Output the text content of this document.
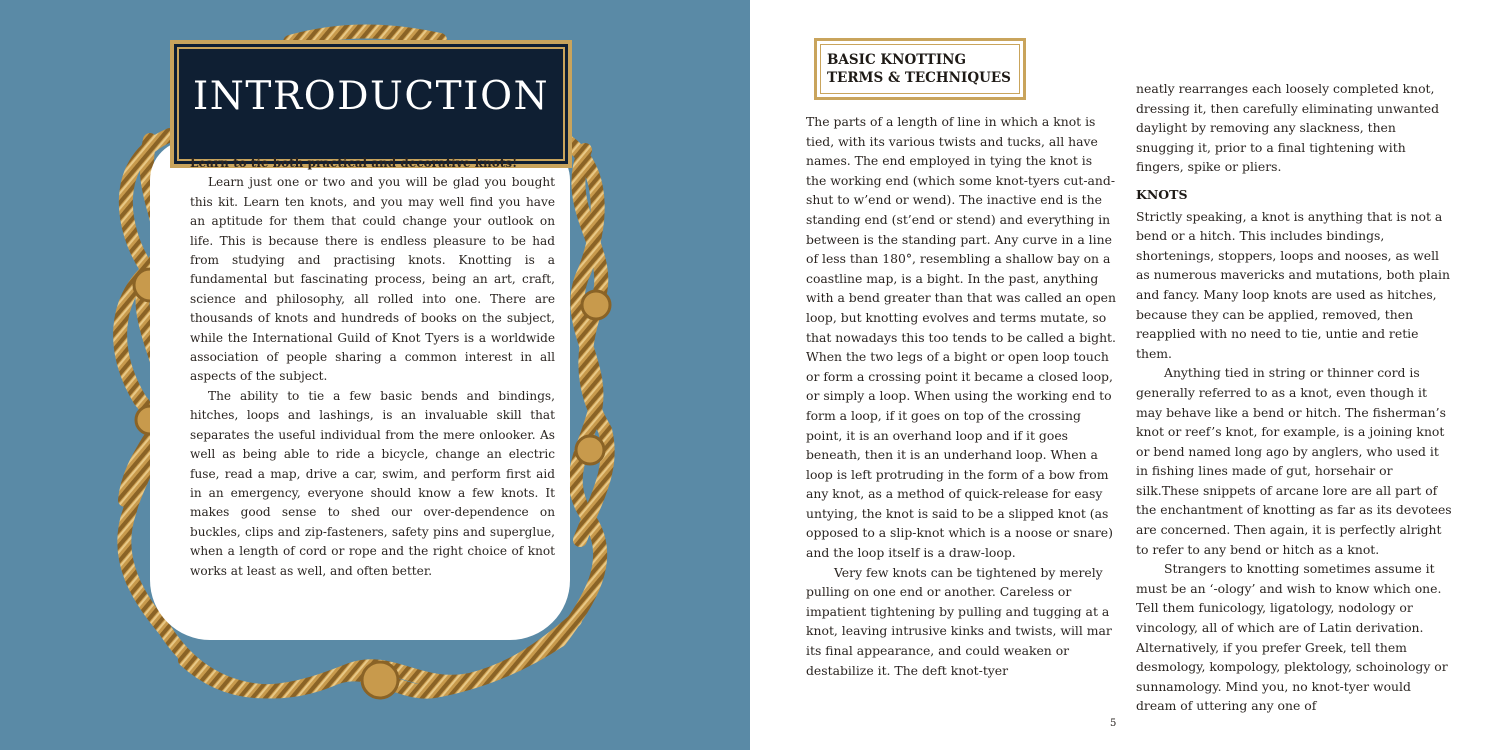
INTRODUCTION

Learn to tie both practical and decorative knots!

Learn just one or two and you will be glad you bought this kit. Learn ten knots, and you may well find you have an aptitude for them that could change your outlook on life. This is because there is endless pleasure to be had from studying and practising knots. Knotting is a fundamental but fascinating process, being an art, craft, science and philosophy, all rolled into one. There are thousands of knots and hundreds of books on the subject, while the International Guild of Knot Tyers is a worldwide association of people sharing a common interest in all aspects of the subject.

The ability to tie a few basic bends and bindings, hitches, loops and lashings, is an invaluable skill that separates the useful individual from the mere onlooker. As well as being able to ride a bicycle, change an electric fuse, read a map, drive a car, swim, and perform first aid in an emergency, everyone should know a few knots. It makes good sense to shed our over-dependence on buckles, clips and zip-fasteners, safety pins and superglue, when a length of cord or rope and the right choice of knot works at least as well, and often better.

BASIC KNOTTING
TERMS & TECHNIQUES

The parts of a length of line in which a knot is tied, with its various twists and tucks, all have names. The end employed in tying the knot is the working end (which some knot-tyers cut-and-shut to w’end or wend). The inactive end is the standing end (st’end or stend) and everything in between is the standing part. Any curve in a line of less than 180°, resembling a shallow bay on a coastline map, is a bight. In the past, anything with a bend greater than that was called an open loop, but knotting evolves and terms mutate, so that nowadays this too tends to be called a bight. When the two legs of a bight or open loop touch or form a crossing point it became a closed loop, or simply a loop. When using the working end to form a loop, if it goes on top of the crossing point, it is an overhand loop and if it goes beneath, then it is an underhand loop. When a loop is left protruding in the form of a bow from any knot, as a method of quick-release for easy untying, the knot is said to be a slipped knot (as opposed to a slip-knot which is a noose or snare) and the loop itself is a draw-loop.

Very few knots can be tightened by merely pulling on one end or another. Careless or impatient tightening by pulling and tugging at a knot, leaving intrusive kinks and twists, will mar its final appearance, and could weaken or destabilize it. The deft knot-tyer

neatly rearranges each loosely completed knot, dressing it, then carefully eliminating unwanted daylight by removing any slackness, then snugging it, prior to a final tightening with fingers, spike or pliers.

KNOTS

Strictly speaking, a knot is anything that is not a bend or a hitch. This includes bindings, shortenings, stoppers, loops and nooses, as well as numerous mavericks and mutations, both plain and fancy. Many loop knots are used as hitches, because they can be applied, removed, then reapplied with no need to tie, untie and retie them.

Anything tied in string or thinner cord is generally referred to as a knot, even though it may behave like a bend or hitch. The fisherman’s knot or reef’s knot, for example, is a joining knot or bend named long ago by anglers, who used it in fishing lines made of gut, horsehair or silk.These snippets of arcane lore are all part of the enchantment of knotting as far as its devotees are concerned. Then again, it is perfectly alright to refer to any bend or hitch as a knot.

Strangers to knotting sometimes assume it must be an ‘-ology’ and wish to know which one. Tell them funicology, ligatology, nodology or vincology, all of which are of Latin derivation. Alternatively, if you prefer Greek, tell them desmology, kompology, plektology, schoinology or sunnamology. Mind you, no knot-tyer would dream of uttering any one of

5
